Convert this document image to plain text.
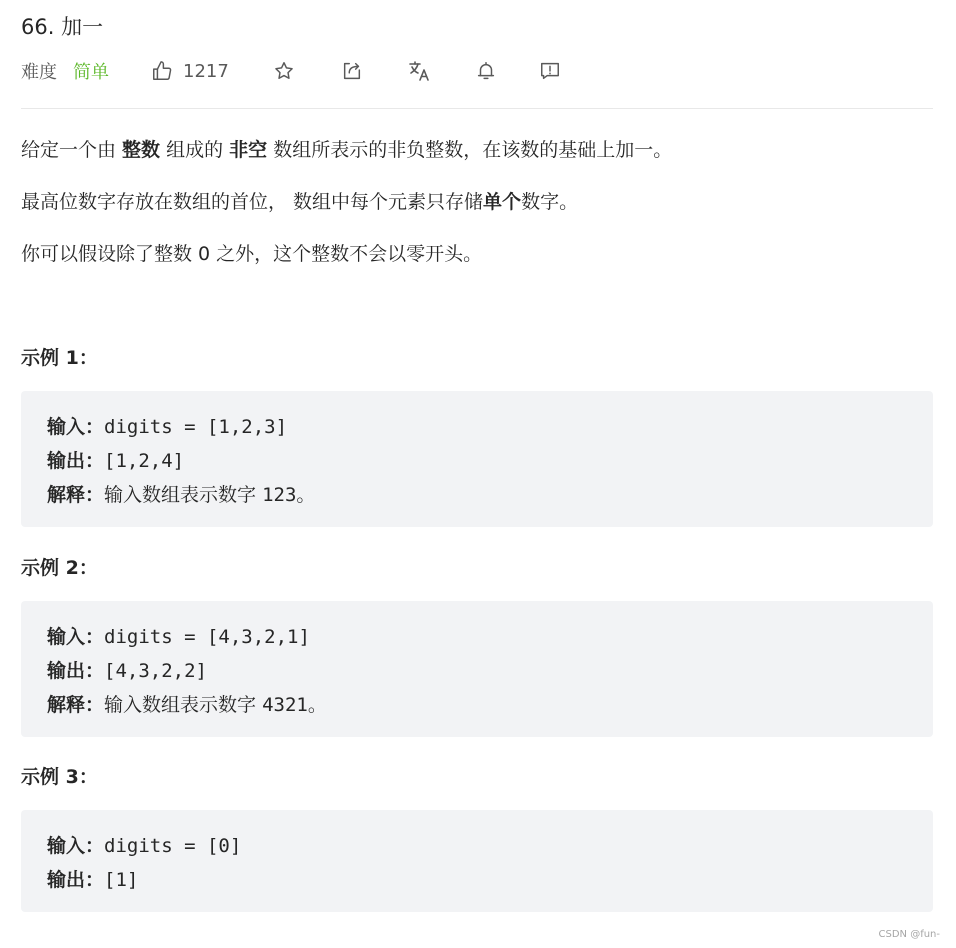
66. 加一
难度 简单	1217
给定一个由 整数 组成的 非空 数组所表示的非负整数，在该数的基础上加一。
最高位数字存放在数组的首位， 数组中每个元素只存储单个数字。
你可以假设除了整数 0 之外，这个整数不会以零开头。
示例 1：
输入：digits = [1,2,3]
输出：[1,2,4]
解释：输入数组表示数字 123。
示例 2：
输入：digits = [4,3,2,1]
输出：[4,3,2,2]
解释：输入数组表示数字 4321。
示例 3：
输入：digits = [0]
输出：[1]
CSDN @fun-
